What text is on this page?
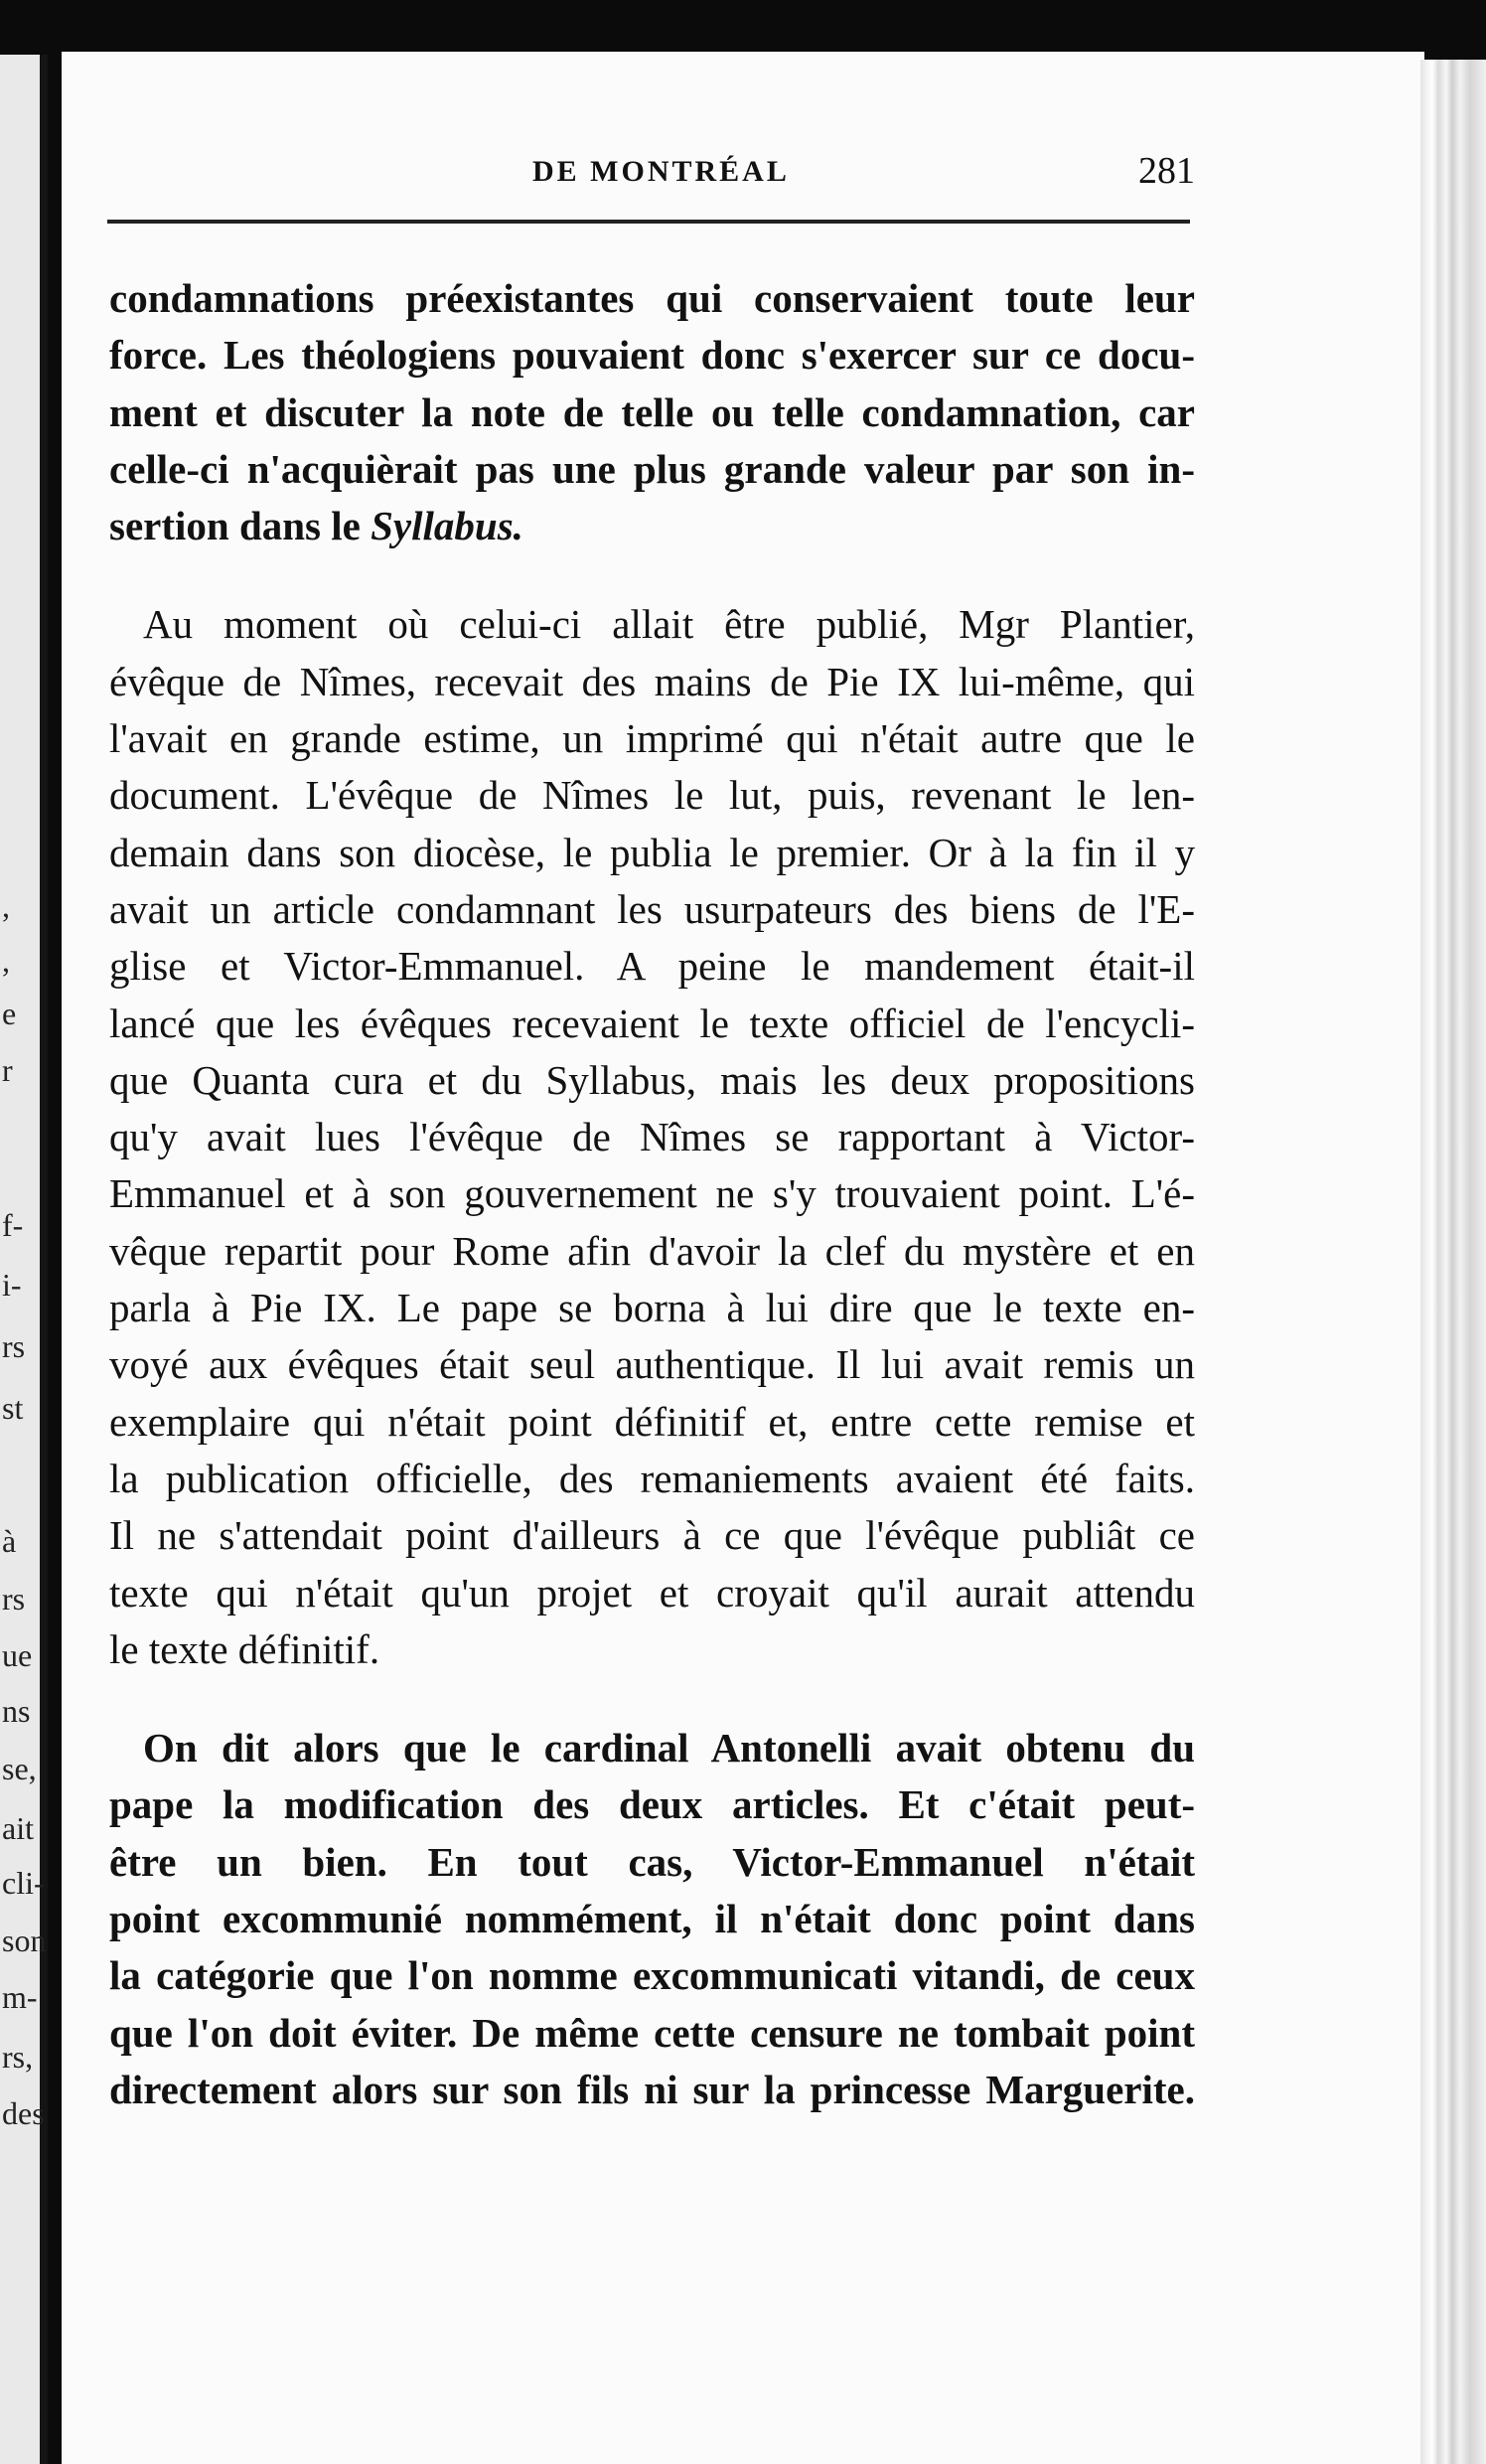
,
,
e
r
f-
i-
rs
st
à
rs
ue
ns
se,
ait
cli-
son
m-
rs,
des
DE MONTRÉAL	281
condamnations préexistantes qui conservaient toute leur
force. Les théologiens pouvaient donc s'exercer sur ce docu-
ment et discuter la note de telle ou telle condamnation, car
celle-ci n'acquièrait pas une plus grande valeur par son in-
sertion dans le Syllabus.
Au moment où celui-ci allait être publié, Mgr Plantier,
évêque de Nîmes, recevait des mains de Pie IX lui-même, qui
l'avait en grande estime, un imprimé qui n'était autre que le
document. L'évêque de Nîmes le lut, puis, revenant le len-
demain dans son diocèse, le publia le premier. Or à la fin il y
avait un article condamnant les usurpateurs des biens de l'E-
glise et Victor-Emmanuel. A peine le mandement était-il
lancé que les évêques recevaient le texte officiel de l'encycli-
que Quanta cura et du Syllabus, mais les deux propositions
qu'y avait lues l'évêque de Nîmes se rapportant à Victor-
Emmanuel et à son gouvernement ne s'y trouvaient point. L'é-
vêque repartit pour Rome afin d'avoir la clef du mystère et en
parla à Pie IX. Le pape se borna à lui dire que le texte en-
voyé aux évêques était seul authentique. Il lui avait remis un
exemplaire qui n'était point définitif et, entre cette remise et
la publication officielle, des remaniements avaient été faits.
Il ne s'attendait point d'ailleurs à ce que l'évêque publiât ce
texte qui n'était qu'un projet et croyait qu'il aurait attendu
le texte définitif.
On dit alors que le cardinal Antonelli avait obtenu du
pape la modification des deux articles. Et c'était peut-
être un bien. En tout cas, Victor-Emmanuel n'était
point excommunié nommément, il n'était donc point dans
la catégorie que l'on nomme excommunicati vitandi, de ceux
que l'on doit éviter. De même cette censure ne tombait point
directement alors sur son fils ni sur la princesse Marguerite.
